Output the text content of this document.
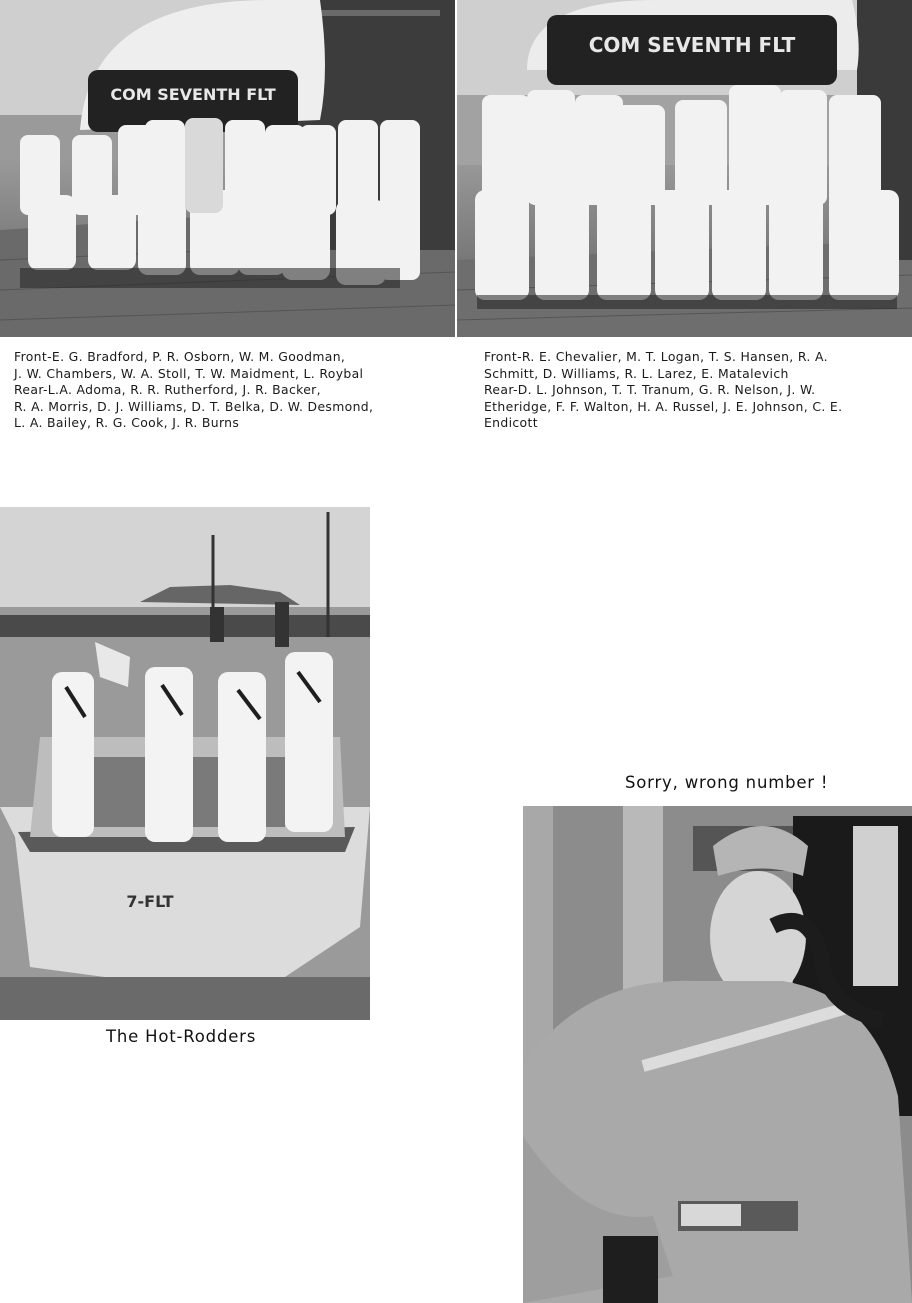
COM SEVENTH FLT
COM SEVENTH FLT
Front-E. G. Bradford, P. R. Osborn, W. M. Goodman,
J. W. Chambers, W. A. Stoll, T. W. Maidment, L. Roybal
Rear-L.A. Adoma, R. R. Rutherford, J. R. Backer,
R. A. Morris, D. J. Williams, D. T. Belka, D. W. Desmond,
L. A. Bailey, R. G. Cook, J. R. Burns
Front-R. E. Chevalier, M. T. Logan, T. S. Hansen, R. A.
Schmitt, D. Williams, R. L. Larez, E. Matalevich
Rear-D. L. Johnson, T. T. Tranum, G. R. Nelson, J. W.
Etheridge, F. F. Walton, H. A. Russel, J. E. Johnson, C. E.
Endicott
7-FLT
The Hot-Rodders
Sorry, wrong number !
